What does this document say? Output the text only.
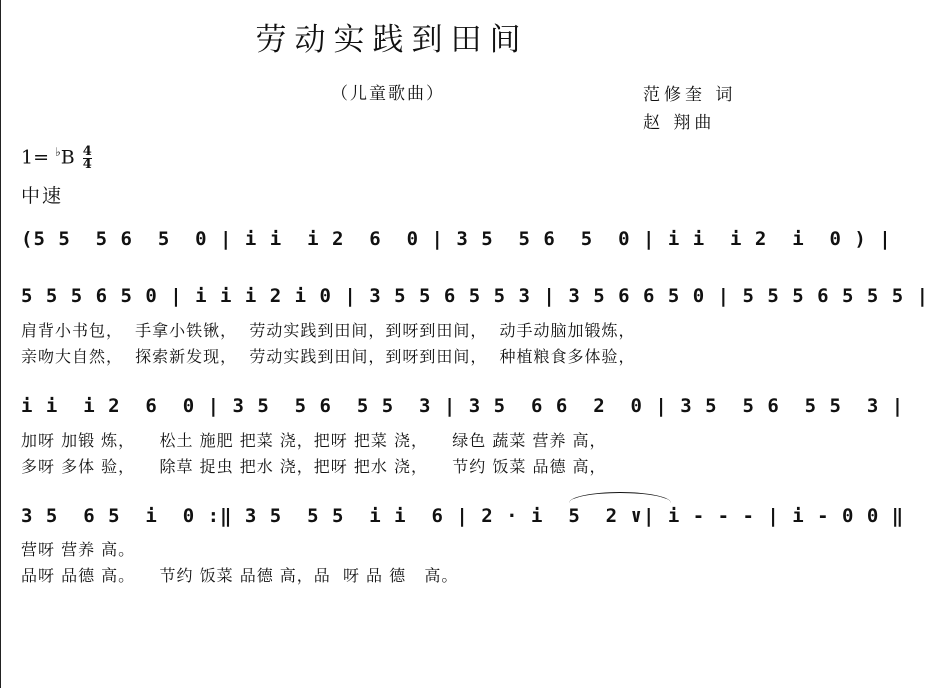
劳动实践到田间
（儿童歌曲）	范修奎 词
赵 翔曲
$1= ^♭B \frac{4}{4}$
中速
(5 5  5 6  5  0 | i i  i 2  6  0 | 3 5  5 6  5  0 | i i  i 2  i  0 ) |
5 5 5 6 5 0 | i i i 2 i 0 | 3 5 5 6 5 5 3 | 3 5 6 6 5 0 | 5 5 5 6 5 5 5 |
肩背小书包，  手拿小铁锹，  劳动实践到田间，到呀到田间，  动手动脑加锻炼，
亲吻大自然，  探索新发现，  劳动实践到田间，到呀到田间，  种植粮食多体验，
i i  i 2  6  0 | 3 5  5 6  5 5  3 | 3 5  6 6  2  0 | 3 5  5 6  5 5  3 |
加呀 加锻 炼，    松土 施肥 把菜 浇，把呀 把菜 浇，    绿色 蔬菜 营养 高，
多呀 多体 验，    除草 捉虫 把水 浇，把呀 把水 浇，    节约 饭菜 品德 高，
3 5  6 5  i  0 :‖ 3 5  5 5  i i  6 | 2 · i  5  2 ∨| i - - - | i - 0 0 ‖
营呀 营养 高。
品呀 品德 高。    节约 饭菜 品德 高，品  呀 品 德   高。
